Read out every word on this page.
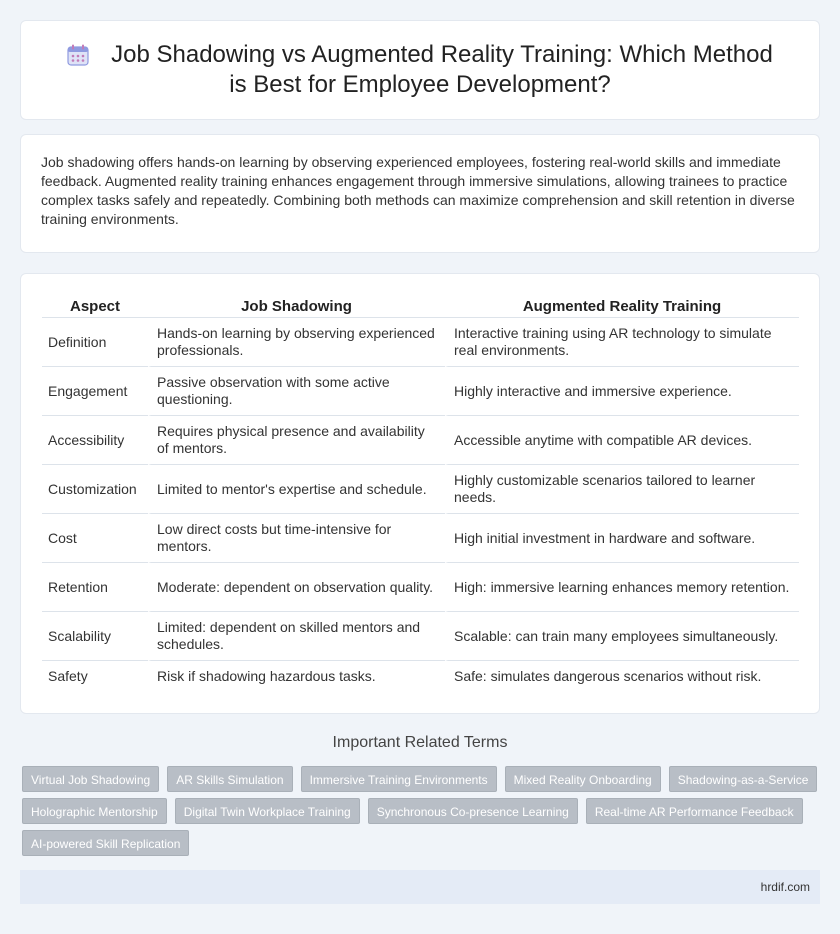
Job Shadowing vs Augmented Reality Training: Which Method is Best for Employee Development?

Job shadowing offers hands-on learning by observing experienced employees, fostering real-world skills and immediate feedback. Augmented reality training enhances engagement through immersive simulations, allowing trainees to practice complex tasks safely and repeatedly. Combining both methods can maximize comprehension and skill retention in diverse training environments.

Aspect	Job Shadowing	Augmented Reality Training
Definition	Hands-on learning by observing experienced professionals.	Interactive training using AR technology to simulate real environments.
Engagement	Passive observation with some active questioning.	Highly interactive and immersive experience.
Accessibility	Requires physical presence and availability of mentors.	Accessible anytime with compatible AR devices.
Customization	Limited to mentor's expertise and schedule.	Highly customizable scenarios tailored to learner needs.
Cost	Low direct costs but time-intensive for mentors.	High initial investment in hardware and software.
Retention	Moderate: dependent on observation quality.	High: immersive learning enhances memory retention.
Scalability	Limited: dependent on skilled mentors and schedules.	Scalable: can train many employees simultaneously.
Safety	Risk if shadowing hazardous tasks.	Safe: simulates dangerous scenarios without risk.
Important Related Terms
Virtual Job Shadowing	AR Skills Simulation	Immersive Training Environments	Mixed Reality Onboarding	Shadowing-as-a-Service
Holographic Mentorship	Digital Twin Workplace Training	Synchronous Co-presence Learning	Real-time AR Performance Feedback
AI-powered Skill Replication
hrdif.com
